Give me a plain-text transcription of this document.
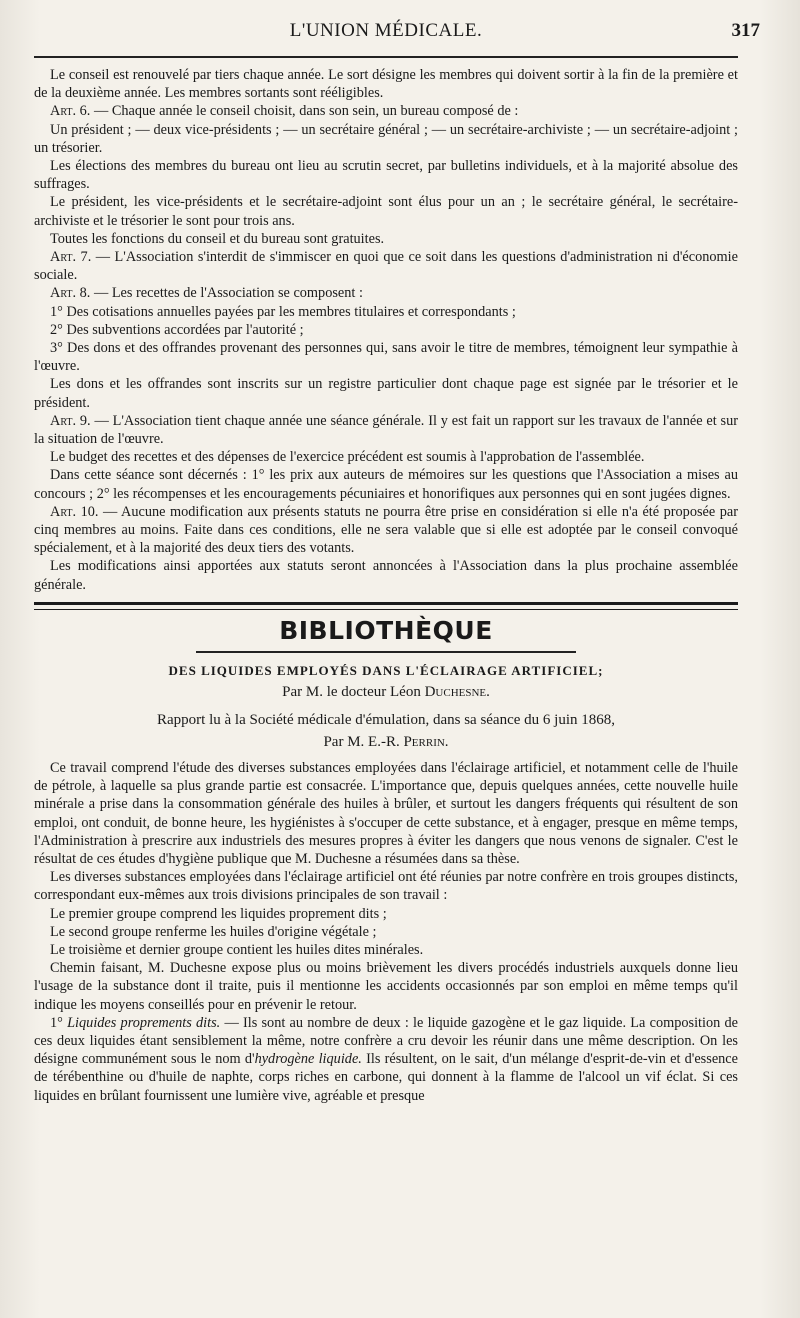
L'UNION MÉDICALE.	317

Le conseil est renouvelé par tiers chaque année. Le sort désigne les membres qui doivent sortir à la fin de la première et de la deuxième année. Les membres sortants sont rééligibles.

Art. 6. — Chaque année le conseil choisit, dans son sein, un bureau composé de :

Un président ; — deux vice-présidents ; — un secrétaire général ; — un secrétaire-archiviste ; — un secrétaire-adjoint ; un trésorier.

Les élections des membres du bureau ont lieu au scrutin secret, par bulletins individuels, et à la majorité absolue des suffrages.

Le président, les vice-présidents et le secrétaire-adjoint sont élus pour un an ; le secrétaire général, le secrétaire-archiviste et le trésorier le sont pour trois ans.

Toutes les fonctions du conseil et du bureau sont gratuites.

Art. 7. — L'Association s'interdit de s'immiscer en quoi que ce soit dans les questions d'administration ni d'économie sociale.

Art. 8. — Les recettes de l'Association se composent :

1° Des cotisations annuelles payées par les membres titulaires et correspondants ;

2° Des subventions accordées par l'autorité ;

3° Des dons et des offrandes provenant des personnes qui, sans avoir le titre de membres, témoignent leur sympathie à l'œuvre.

Les dons et les offrandes sont inscrits sur un registre particulier dont chaque page est signée par le trésorier et le président.

Art. 9. — L'Association tient chaque année une séance générale. Il y est fait un rapport sur les travaux de l'année et sur la situation de l'œuvre.

Le budget des recettes et des dépenses de l'exercice précédent est soumis à l'approbation de l'assemblée.

Dans cette séance sont décernés : 1° les prix aux auteurs de mémoires sur les questions que l'Association a mises au concours ; 2° les récompenses et les encouragements pécuniaires et honorifiques aux personnes qui en sont jugées dignes.

Art. 10. — Aucune modification aux présents statuts ne pourra être prise en considération si elle n'a été proposée par cinq membres au moins. Faite dans ces conditions, elle ne sera valable que si elle est adoptée par le conseil convoqué spécialement, et à la majorité des deux tiers des votants.

Les modifications ainsi apportées aux statuts seront annoncées à l'Association dans la plus prochaine assemblée générale.

BIBLIOTHÈQUE
DES LIQUIDES EMPLOYÉS DANS L'ÉCLAIRAGE ARTIFICIEL;
Par M. le docteur Léon Duchesne.
Rapport lu à la Société médicale d'émulation, dans sa séance du 6 juin 1868,
Par M. E.-R. Perrin.

Ce travail comprend l'étude des diverses substances employées dans l'éclairage artificiel, et notamment celle de l'huile de pétrole, à laquelle sa plus grande partie est consacrée. L'importance que, depuis quelques années, cette nouvelle huile minérale a prise dans la consommation générale des huiles à brûler, et surtout les dangers fréquents qui résultent de son emploi, ont conduit, de bonne heure, les hygiénistes à s'occuper de cette substance, et à engager, presque en même temps, l'Administration à prescrire aux industriels des mesures propres à éviter les dangers que nous venons de signaler. C'est le résultat de ces études d'hygiène publique que M. Duchesne a résumées dans sa thèse.

Les diverses substances employées dans l'éclairage artificiel ont été réunies par notre confrère en trois groupes distincts, correspondant eux-mêmes aux trois divisions principales de son travail :

Le premier groupe comprend les liquides proprement dits ;

Le second groupe renferme les huiles d'origine végétale ;

Le troisième et dernier groupe contient les huiles dites minérales.

Chemin faisant, M. Duchesne expose plus ou moins brièvement les divers procédés industriels auxquels donne lieu l'usage de la substance dont il traite, puis il mentionne les accidents occasionnés par son emploi en même temps qu'il indique les moyens conseillés pour en prévenir le retour.

1° Liquides proprements dits. — Ils sont au nombre de deux : le liquide gazogène et le gaz liquide. La composition de ces deux liquides étant sensiblement la même, notre confrère a cru devoir les réunir dans une même description. On les désigne communément sous le nom d'hydrogène liquide. Ils résultent, on le sait, d'un mélange d'esprit-de-vin et d'essence de térébenthine ou d'huile de naphte, corps riches en carbone, qui donnent à la flamme de l'alcool un vif éclat. Si ces liquides en brûlant fournissent une lumière vive, agréable et presque
